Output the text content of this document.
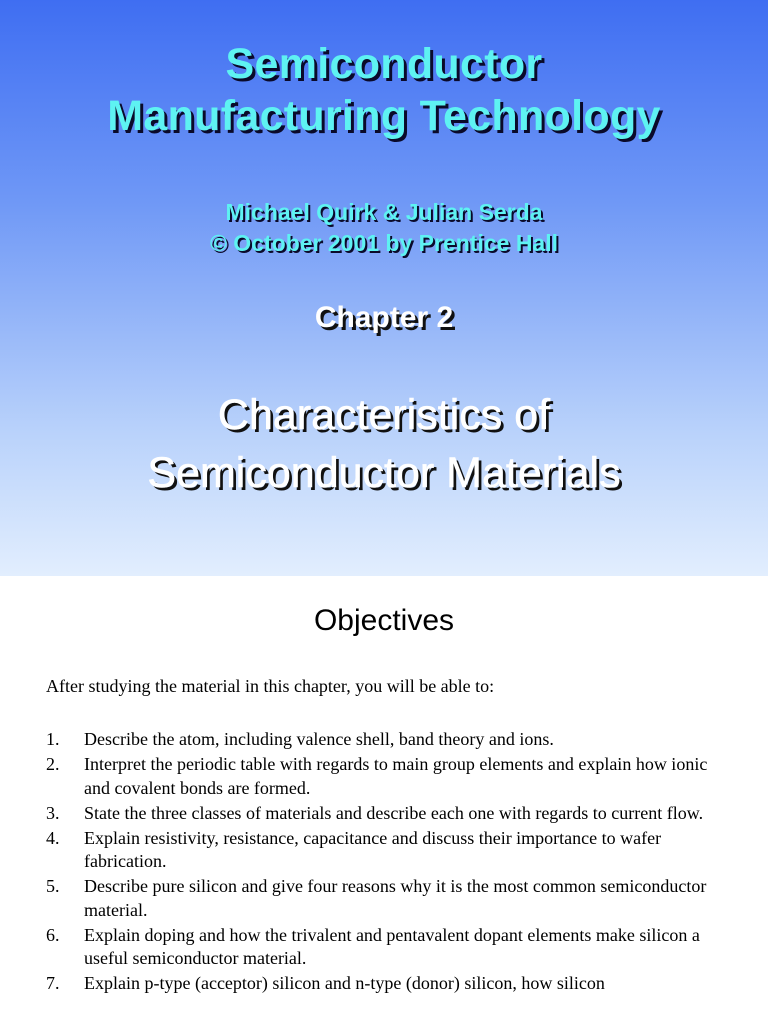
Semiconductor
Manufacturing Technology
Michael Quirk & Julian Serda
© October 2001 by Prentice Hall
Chapter 2
Characteristics of
Semiconductor Materials
Objectives
After studying the material in this chapter, you will be able to:
1.	Describe the atom, including valence shell, band theory and ions.
2.	Interpret the periodic table with regards to main group elements and explain how ionic and covalent bonds are formed.
3.	State the three classes of materials and describe each one with regards to current flow.
4.	Explain resistivity, resistance, capacitance and discuss their importance to wafer fabrication.
5.	Describe pure silicon and give four reasons why it is the most common semiconductor material.
6.	Explain doping and how the trivalent and pentavalent dopant elements make silicon a useful semiconductor material.
7.	Explain p-type (acceptor) silicon and n-type (donor) silicon, how silicon
